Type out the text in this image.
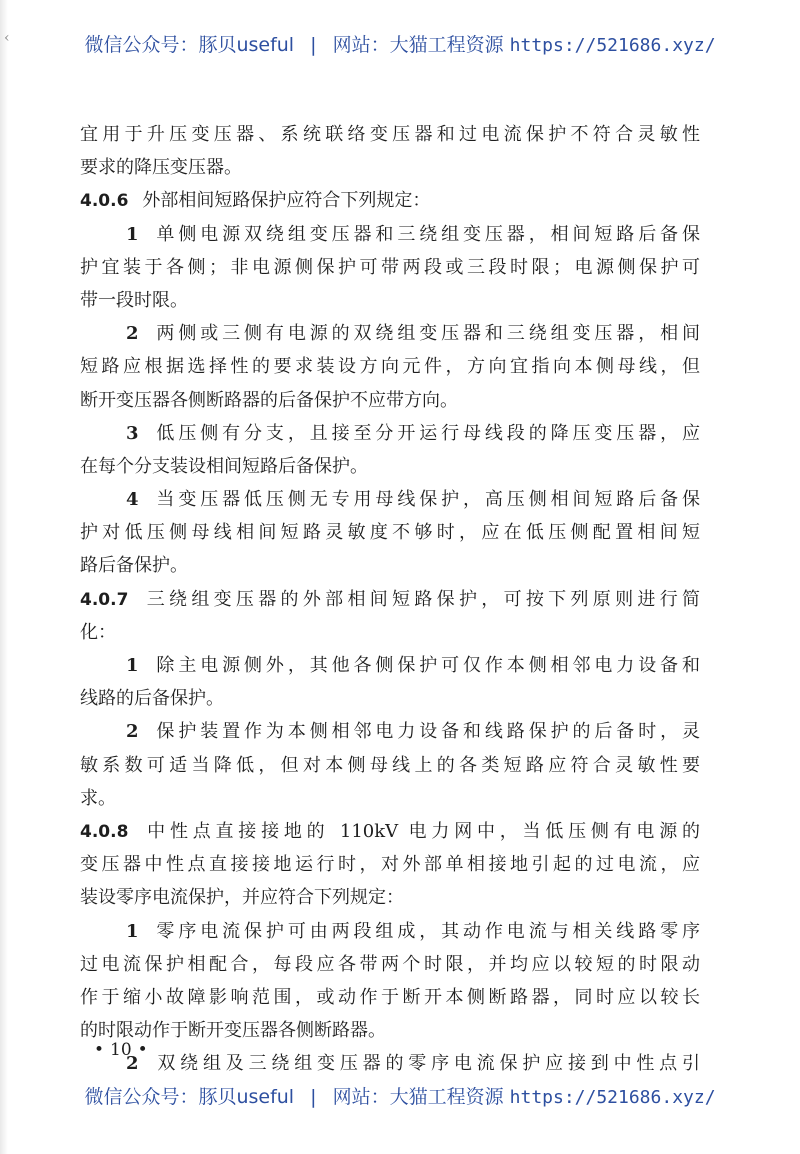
‹	微信公众号：豚贝useful | 网站：大猫工程资源 https://521686.xyz/
宜用于升压变压器、系统联络变压器和过电流保护不符合灵敏性
要求的降压变压器。
4.0.6 外部相间短路保护应符合下列规定：
1 单侧电源双绕组变压器和三绕组变压器，相间短路后备保
护宜装于各侧；非电源侧保护可带两段或三段时限；电源侧保护可
带一段时限。
2 两侧或三侧有电源的双绕组变压器和三绕组变压器，相间
短路应根据选择性的要求装设方向元件，方向宜指向本侧母线，但
断开变压器各侧断路器的后备保护不应带方向。
3 低压侧有分支，且接至分开运行母线段的降压变压器，应
在每个分支装设相间短路后备保护。
4 当变压器低压侧无专用母线保护，高压侧相间短路后备保
护对低压侧母线相间短路灵敏度不够时，应在低压侧配置相间短
路后备保护。
4.0.7 三绕组变压器的外部相间短路保护，可按下列原则进行简
化：
1 除主电源侧外，其他各侧保护可仅作本侧相邻电力设备和
线路的后备保护。
2 保护装置作为本侧相邻电力设备和线路保护的后备时，灵
敏系数可适当降低，但对本侧母线上的各类短路应符合灵敏性要
求。
4.0.8 中性点直接接地的 110kV 电力网中，当低压侧有电源的
变压器中性点直接接地运行时，对外部单相接地引起的过电流，应
装设零序电流保护，并应符合下列规定：
1 零序电流保护可由两段组成，其动作电流与相关线路零序
过电流保护相配合，每段应各带两个时限，并均应以较短的时限动
作于缩小故障影响范围，或动作于断开本侧断路器，同时应以较长
的时限动作于断开变压器各侧断路器。
2 双绕组及三绕组变压器的零序电流保护应接到中性点引
• 10 •
微信公众号：豚贝useful | 网站：大猫工程资源 https://521686.xyz/
